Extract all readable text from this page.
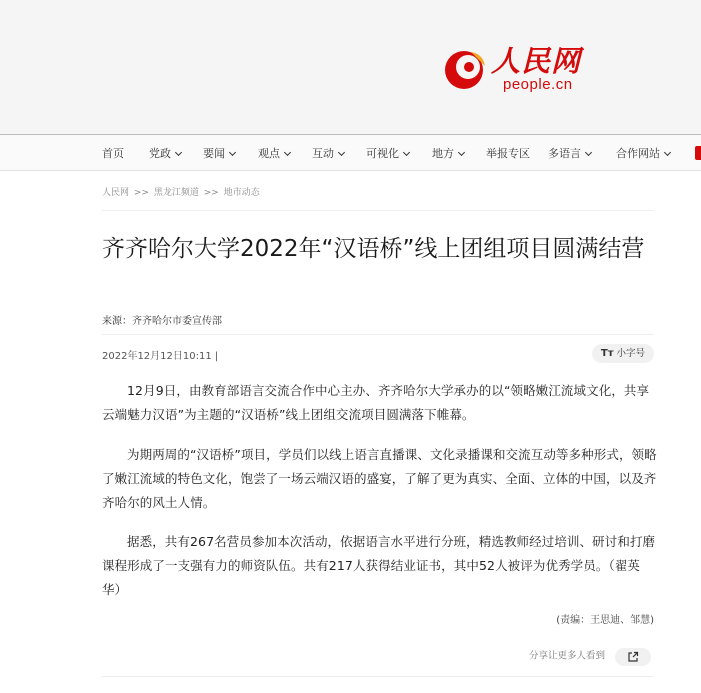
人民网
people.cn
首页 党政	要闻	观点	互动	可视化	地方	举报专区 多语言	合作网站
人民网 >> 黑龙江频道 >> 地市动态
齐齐哈尔大学2022年“汉语桥”线上团组项目圆满结营
来源：齐齐哈尔市委宣传部
2022年12月12日10:11 |	Tт 小字号

12月9日，由教育部语言交流合作中心主办、齐齐哈尔大学承办的以“领略嫩江流域文化，共享云端魅力汉语”为主题的“汉语桥”线上团组交流项目圆满落下帷幕。

为期两周的“汉语桥”项目，学员们以线上语言直播课、文化录播课和交流互动等多种形式，领略了嫩江流域的特色文化，饱尝了一场云端汉语的盛宴，了解了更为真实、全面、立体的中国，以及齐齐哈尔的风土人情。

据悉，共有267名营员参加本次活动，依据语言水平进行分班，精选教师经过培训、研讨和打磨课程形成了一支强有力的师资队伍。共有217人获得结业证书，其中52人被评为优秀学员。（翟英华）

(责编：王思迪、邹慧)
分享让更多人看到
